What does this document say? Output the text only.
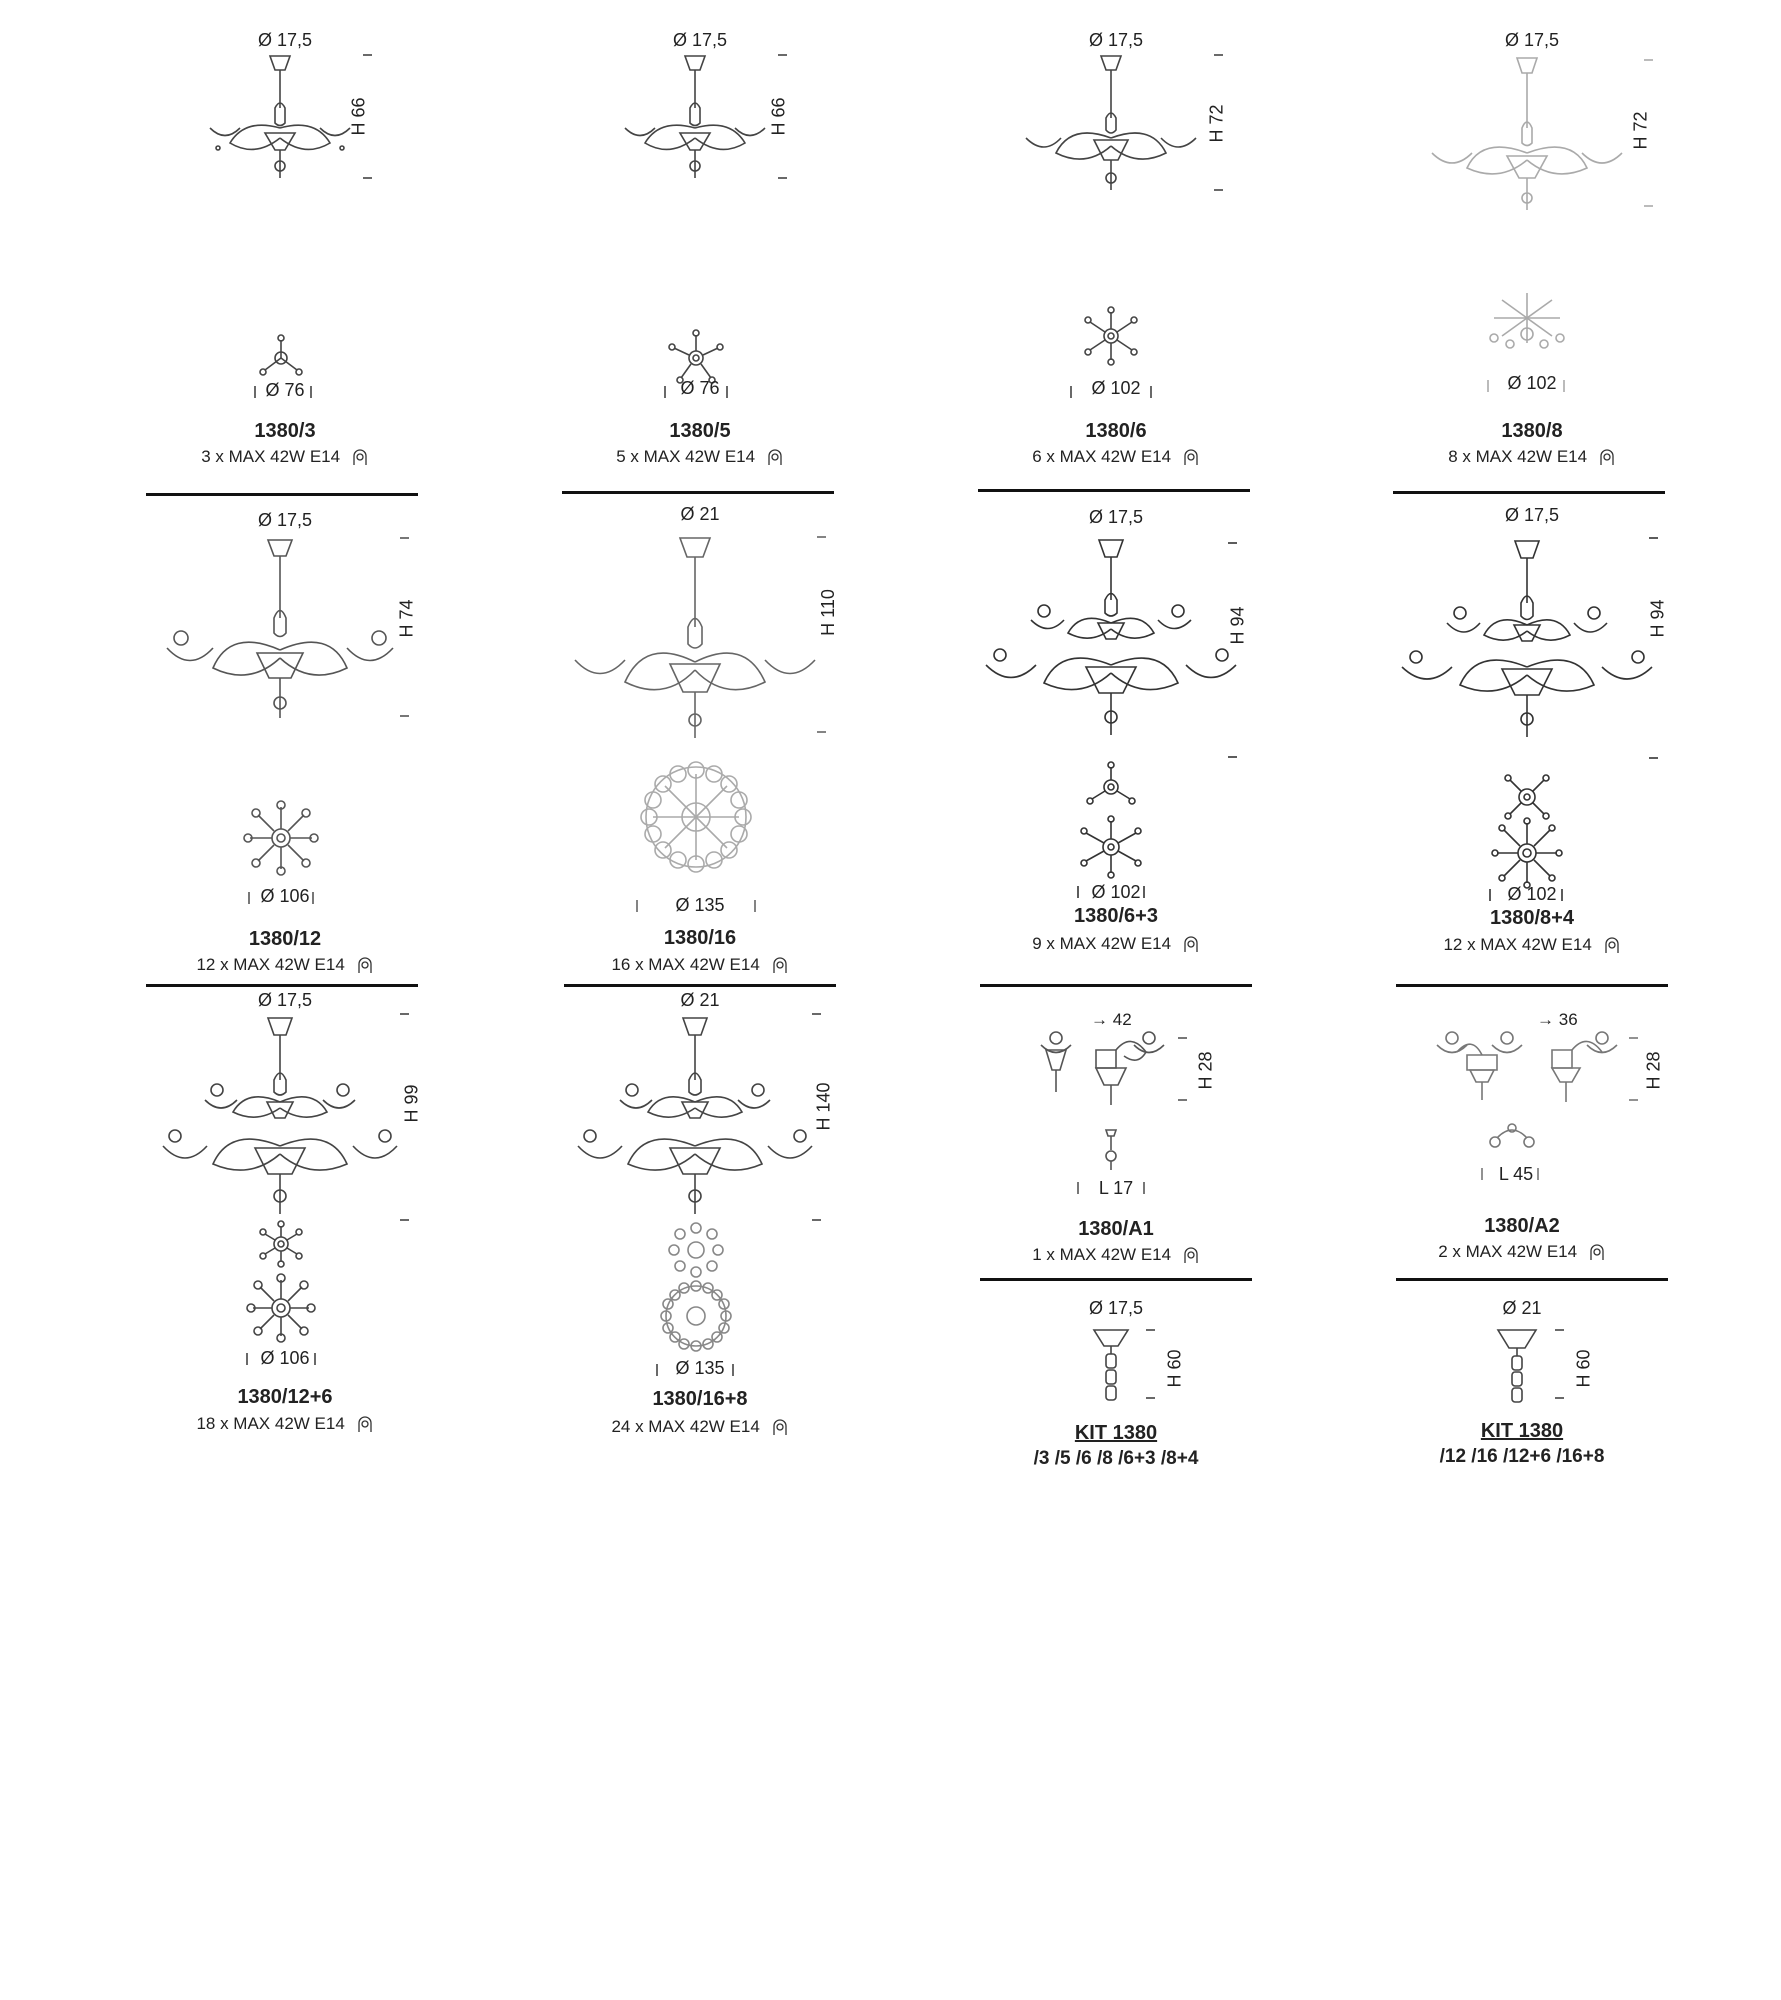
Ø 17,5
H 66
Ø 76
1380/3
3 x MAX 42W E14
Ø 17,5
H 66
Ø 76
1380/5
5 x MAX 42W E14
Ø 17,5
H 72
Ø 102
1380/6
6 x MAX 42W E14
Ø 17,5
H 72
Ø 102
1380/8
8 x MAX 42W E14
Ø 17,5
H 74
Ø 106
1380/12
12 x MAX 42W E14
Ø 21
H 110
Ø 135
1380/16
16 x MAX 42W E14
Ø 17,5
H 94
Ø 102
1380/6+3
9 x MAX 42W E14
Ø 17,5
H 94
Ø 102
1380/8+4
12 x MAX 42W E14
Ø 17,5
H 99
Ø 106
1380/12+6
18 x MAX 42W E14
Ø 21
H 140
Ø 135
1380/16+8
24 x MAX 42W E14
→ 42
H 28
L 17
1380/A1
1 x MAX 42W E14
→ 36
H 28
L 45
1380/A2
2 x MAX 42W E14
Ø 17,5
H 60
KIT 1380
/3 /5 /6 /8 /6+3 /8+4
Ø 21
H 60
KIT 1380
/12 /16 /12+6 /16+8
